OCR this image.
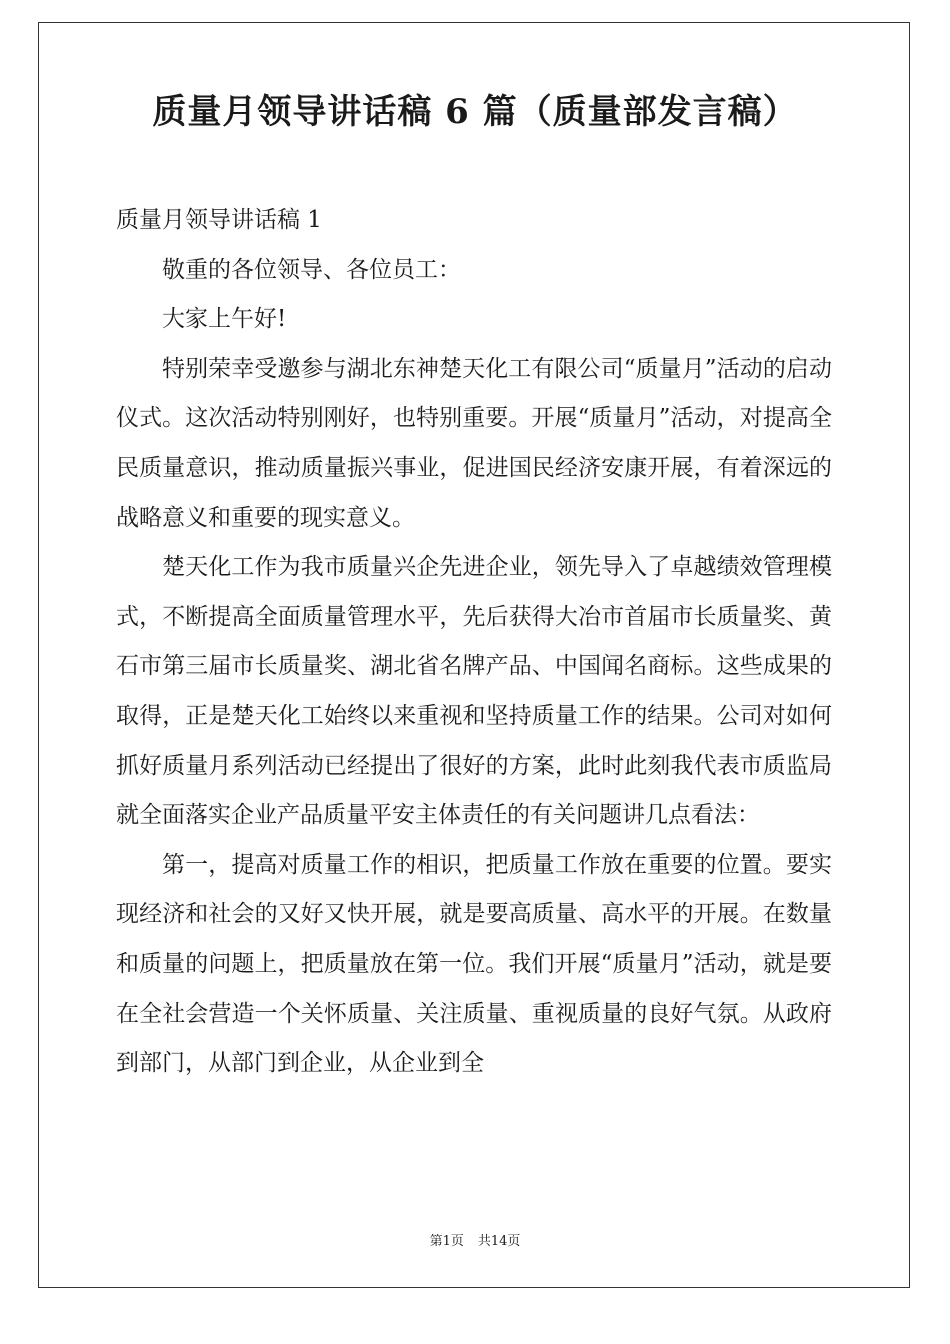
质量月领导讲话稿 6 篇（质量部发言稿）

质量月领导讲话稿 1

敬重的各位领导、各位员工：

大家上午好!

特别荣幸受邀参与湖北东神楚天化工有限公司“质量月”活动的启动仪式。这次活动特别刚好，也特别重要。开展“质量月”活动，对提高全民质量意识，推动质量振兴事业，促进国民经济安康开展，有着深远的战略意义和重要的现实意义。

楚天化工作为我市质量兴企先进企业，领先导入了卓越绩效管理模式，不断提高全面质量管理水平，先后获得大冶市首届市长质量奖、黄石市第三届市长质量奖、湖北省名牌产品、中国闻名商标。这些成果的取得，正是楚天化工始终以来重视和坚持质量工作的结果。公司对如何抓好质量月系列活动已经提出了很好的方案，此时此刻我代表市质监局就全面落实企业产品质量平安主体责任的有关问题讲几点看法：

第一，提高对质量工作的相识，把质量工作放在重要的位置。要实现经济和社会的又好又快开展，就是要高质量、高水平的开展。在数量和质量的问题上，把质量放在第一位。我们开展“质量月”活动，就是要在全社会营造一个关怀质量、关注质量、重视质量的良好气氛。从政府到部门，从部门到企业，从企业到全

第1页 共14页
